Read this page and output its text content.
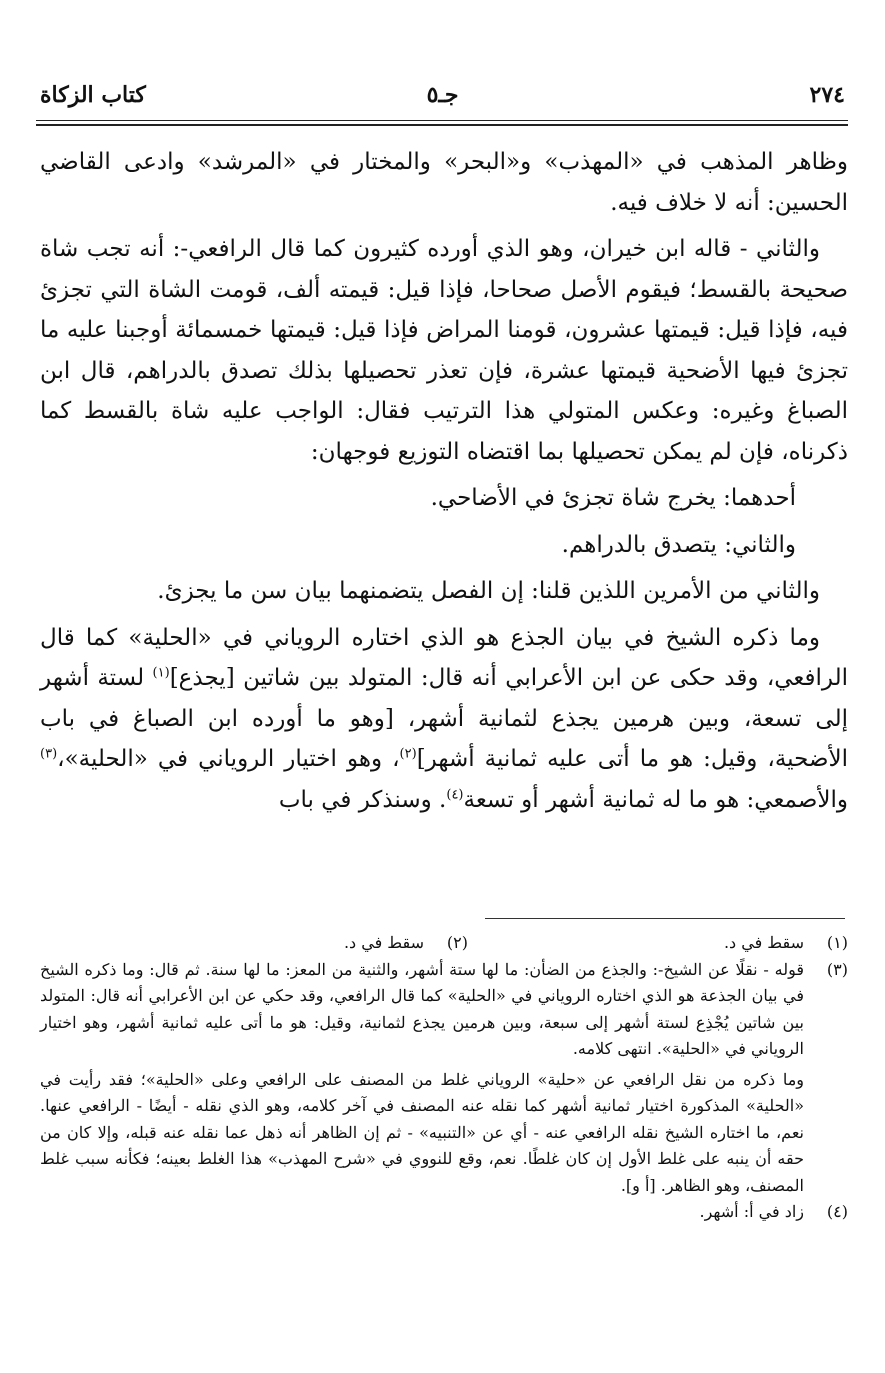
٢٧٤
جـ٥
كتاب الزكاة

وظاهر المذهب في «المهذب» و«البحر» والمختار في «المرشد» وادعى القاضي الحسين: أنه لا خلاف فيه.

والثاني - قاله ابن خيران، وهو الذي أورده كثيرون كما قال الرافعي-: أنه تجب شاة صحيحة بالقسط؛ فيقوم الأصل صحاحا، فإذا قيل: قيمته ألف، قومت الشاة التي تجزئ فيه، فإذا قيل: قيمتها عشرون، قومنا المراض فإذا قيل: قيمتها خمسمائة أوجبنا عليه ما تجزئ فيها الأضحية قيمتها عشرة، فإن تعذر تحصيلها بذلك تصدق بالدراهم، قال ابن الصباغ وغيره: وعكس المتولي هذا الترتيب فقال: الواجب عليه شاة بالقسط كما ذكرناه، فإن لم يمكن تحصيلها بما اقتضاه التوزيع فوجهان:

أحدهما: يخرج شاة تجزئ في الأضاحي.

والثاني: يتصدق بالدراهم.

والثاني من الأمرين اللذين قلنا: إن الفصل يتضمنهما بيان سن ما يجزئ.

وما ذكره الشيخ في بيان الجذع هو الذي اختاره الروياني في «الحلية» كما قال الرافعي، وقد حكى عن ابن الأعرابي أنه قال: المتولد بين شاتين [يجذع]$^{(١)}$ لستة أشهر إلى تسعة، وبين هرمين يجذع لثمانية أشهر، [وهو ما أورده ابن الصباغ في باب الأضحية، وقيل: هو ما أتى عليه ثمانية أشهر]$^{(٢)}$، وهو اختيار الروياني في «الحلية»،$^{(٣)}$ والأصمعي: هو ما له ثمانية أشهر أو تسعة$^{(٤)}$. وسنذكر في باب

(١)
سقط في د.
(٢)
سقط في د.
(٣)
قوله - نقلًا عن الشيخ-: والجذع من الضأن: ما لها ستة أشهر، والثنية من المعز: ما لها سنة. ثم قال: وما ذكره الشيخ في بيان الجذعة هو الذي اختاره الروياني في «الحلية» كما قال الرافعي، وقد حكي عن ابن الأعرابي أنه قال: المتولد بين شاتين يُجْذِع لستة أشهر إلى سبعة، وبين هرمين يجذع لثمانية، وقيل: هو ما أتى عليه ثمانية أشهر، وهو اختيار الروياني في «الحلية». انتهى كلامه.
وما ذكره من نقل الرافعي عن «حلية» الروياني غلط من المصنف على الرافعي وعلى «الحلية»؛ فقد رأيت في «الحلية» المذكورة اختيار ثمانية أشهر كما نقله عنه المصنف في آخر كلامه، وهو الذي نقله - أيضًا - الرافعي عنها. نعم، ما اختاره الشيخ نقله الرافعي عنه - أي عن «التنبيه» - ثم إن الظاهر أنه ذهل عما نقله عنه قبله، وإلا كان من حقه أن ينبه على غلط الأول إن كان غلطًا. نعم، وقع للنووي في «شرح المهذب» هذا الغلط بعينه؛ فكأنه سبب غلط المصنف، وهو الظاهر. [أ و].
(٤)
زاد في أ: أشهر.
